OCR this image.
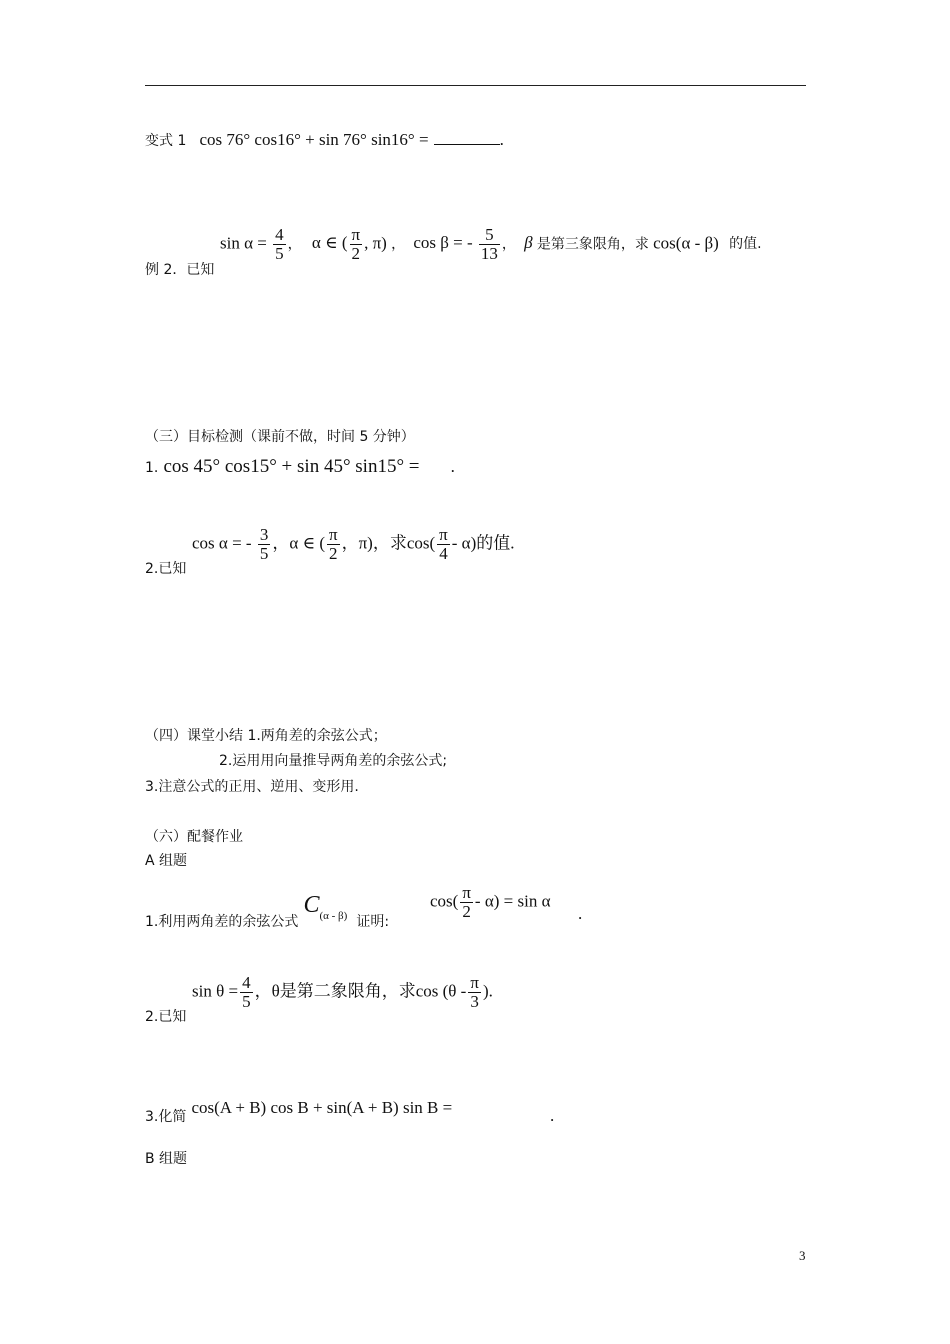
变式 1 cos 76° cos16° + sin 76° sin16° =	.
例 2．已知
$\sin \alpha = \frac{4}{5}$ ， α ∈ ( $\frac{\pi}{2}$ , π) ， cos β = - $\frac{5}{13}$ ， β 是第三象限角，求 cos(α - β) 的值.
（三）目标检测（课前不做，时间 5 分钟）
1. cos 45° cos15° + sin 45° sin15° = .
2.已知
cos α = - $\frac{3}{5}$ ，α ∈ ( $\frac{\pi}{2}$ ，π)，求$\cos( \frac{\pi}{4} - \alpha)$的值.
（四）课堂小结 1.两角差的余弦公式；
2.运用用向量推导两角差的余弦公式;
3.注意公式的正用、逆用、变形用.
（六）配餐作业
A 组题
1.利用两角差的余弦公式 $C_{(\alpha - \beta)}$ 证明:
$\cos( \frac{\pi}{2} - \alpha) = \sin \alpha$
.
2.已知
$\sin \theta = \frac{4}{5}$ ，θ是第二象限角，求$\cos (\theta - \frac{\pi}{3}$ ).
3.化简 cos(A + B) cos B + sin(A + B) sin B =	.
B 组题
3
